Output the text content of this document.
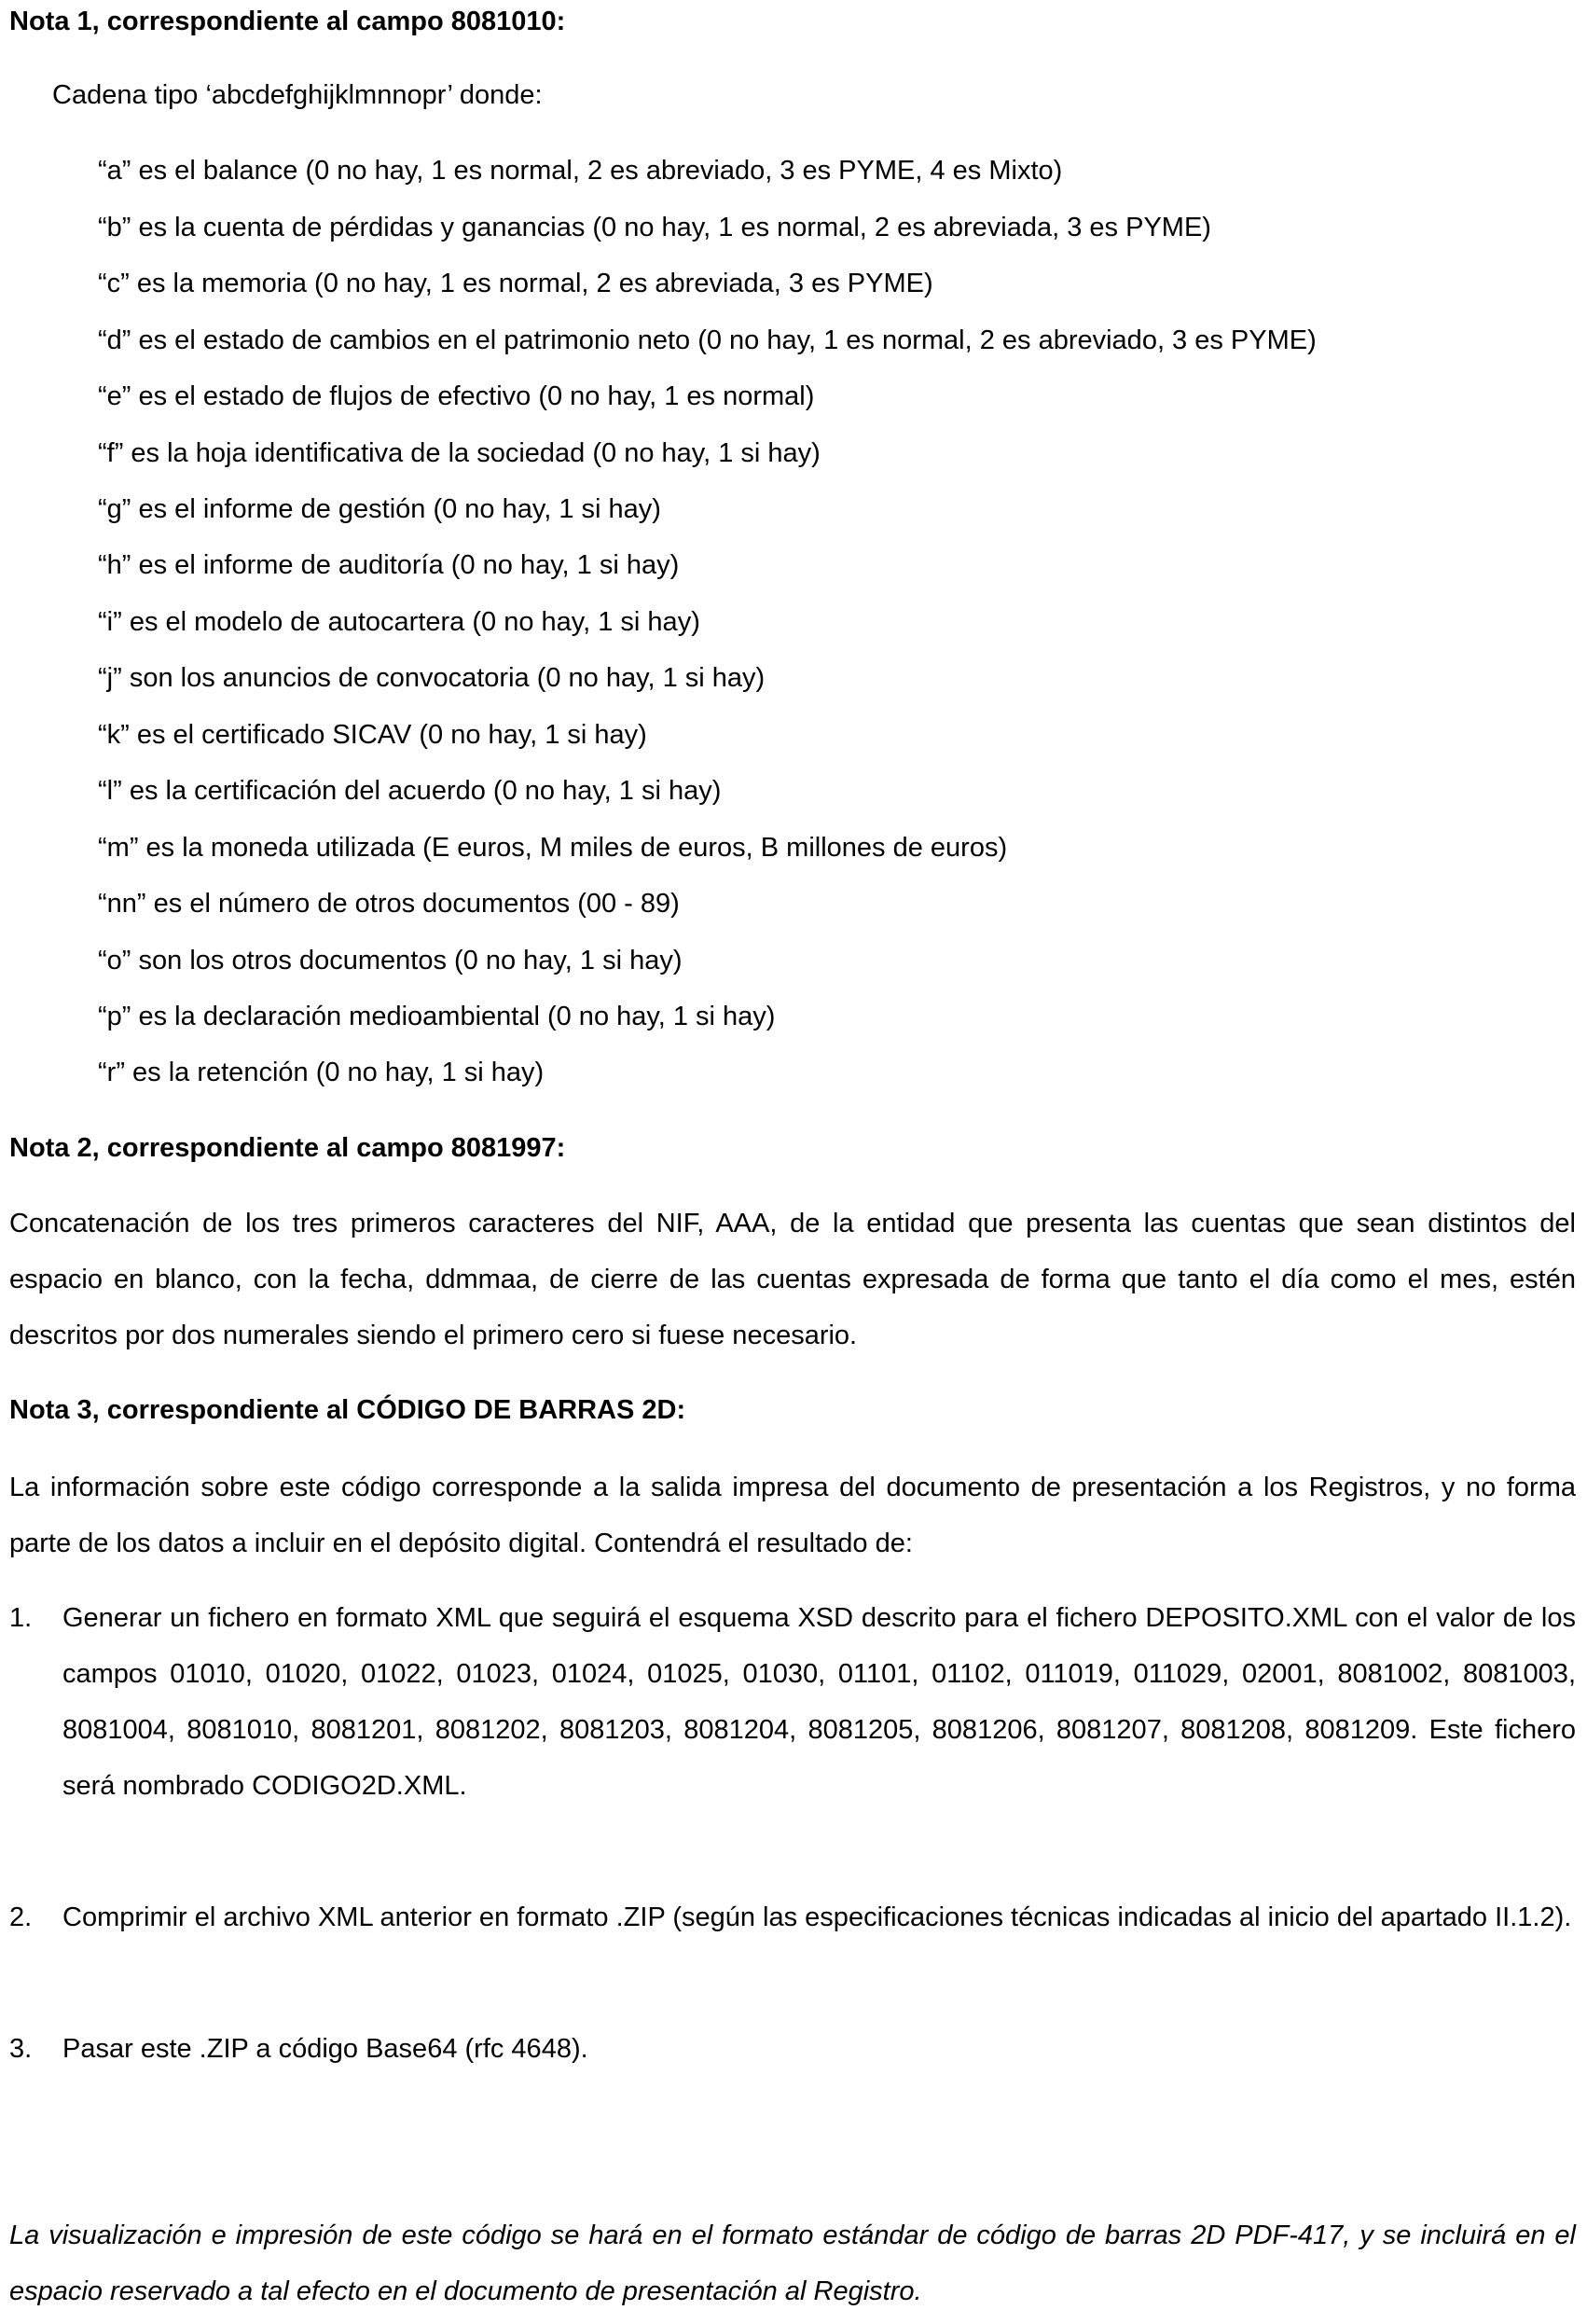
Nota 1, correspondiente al campo 8081010:
Cadena tipo ‘abcdefghijklmnnopr’ donde:
“a” es el balance (0 no hay, 1 es normal, 2 es abreviado, 3 es PYME, 4 es Mixto)
“b” es la cuenta de pérdidas y ganancias (0 no hay, 1 es normal, 2 es abreviada, 3 es PYME)
“c” es la memoria (0 no hay, 1 es normal, 2 es abreviada, 3 es PYME)
“d” es el estado de cambios en el patrimonio neto (0 no hay, 1 es normal, 2 es abreviado, 3 es PYME)
“e” es el estado de flujos de efectivo (0 no hay, 1 es normal)
“f” es la hoja identificativa de la sociedad (0 no hay, 1 si hay)
“g” es el informe de gestión (0 no hay, 1 si hay)
“h” es el informe de auditoría (0 no hay, 1 si hay)
“i” es el modelo de autocartera (0 no hay, 1 si hay)
“j” son los anuncios de convocatoria (0 no hay, 1 si hay)
“k” es el certificado SICAV (0 no hay, 1 si hay)
“l” es la certificación del acuerdo (0 no hay, 1 si hay)
“m” es la moneda utilizada (E euros, M miles de euros, B millones de euros)
“nn” es el número de otros documentos (00 - 89)
“o” son los otros documentos (0 no hay, 1 si hay)
“p” es la declaración medioambiental (0 no hay, 1 si hay)
“r” es la retención (0 no hay, 1 si hay)
Nota 2, correspondiente al campo 8081997:
Concatenación de los tres primeros caracteres del NIF, AAA, de la entidad que presenta las cuentas que sean distintos del espacio en blanco, con la fecha, ddmmaa, de cierre de las cuentas expresada de forma que tanto el día como el mes, estén descritos por dos numerales siendo el primero cero si fuese necesario.
Nota 3, correspondiente al CÓDIGO DE BARRAS 2D:
La información sobre este código corresponde a la salida impresa del documento de presentación a los Registros, y no forma parte de los datos a incluir en el depósito digital. Contendrá el resultado de:
1. Generar un fichero en formato XML que seguirá el esquema XSD descrito para el fichero DEPOSITO.XML con el valor de los campos 01010, 01020, 01022, 01023, 01024, 01025, 01030, 01101, 01102, 011019, 011029, 02001, 8081002, 8081003, 8081004, 8081010, 8081201, 8081202, 8081203, 8081204, 8081205, 8081206, 8081207, 8081208, 8081209. Este fichero será nombrado CODIGO2D.XML.
2. Comprimir el archivo XML anterior en formato .ZIP (según las especificaciones técnicas indicadas al inicio del apartado II.1.2).
3. Pasar este .ZIP a código Base64 (rfc 4648).
La visualización e impresión de este código se hará en el formato estándar de código de barras 2D PDF-417, y se incluirá en el espacio reservado a tal efecto en el documento de presentación al Registro.
